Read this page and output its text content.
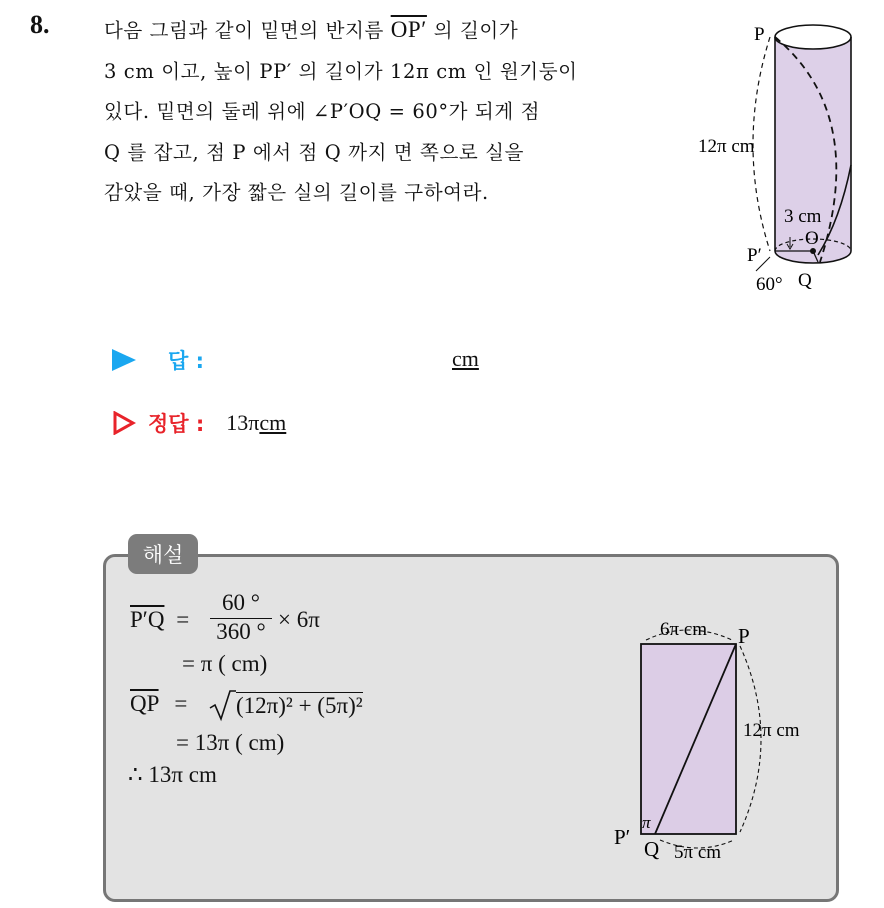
8.	다음 그림과 같이 밑면의 반지름 OP′ 의 길이가
3 cm 이고, 높이 PP′ 의 길이가 12π cm 인 원기둥이
있다. 밑면의 둘레 위에 ∠P′OQ = 60°가 되게 점
Q 를 잡고, 점 P 에서 점 Q 까지 면 쪽으로 실을
감았을 때, 가장 짧은 실의 길이를 구하여라.
P
12π cm
3 cm
O
P′
60° Q
답 :	cm
정답 : 13πcm
해설
$P'Q = \frac{60 ^\circ}{360 ^\circ} \times 6\pi$
= π ( cm)
$\overline{QP} = (12\pi)^2 + (5\pi)^2$
= 13π ( cm)
∴ 13π cm
6π cm P
12π cm
π
P′ Q 5π cm
